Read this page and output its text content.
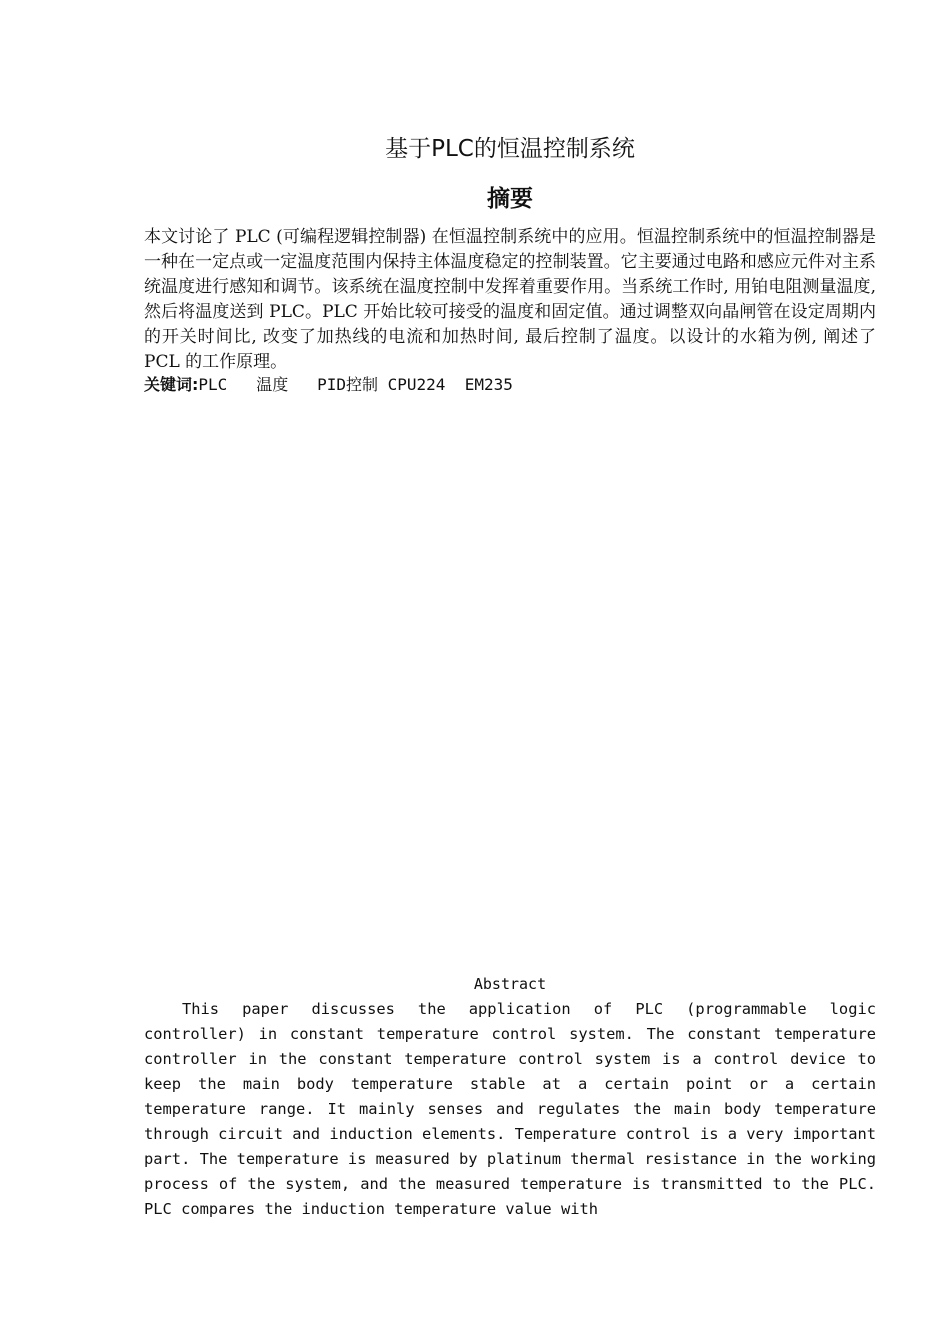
基于PLC的恒温控制系统
摘要

本文讨论了 PLC (可编程逻辑控制器) 在恒温控制系统中的应用。恒温控制系统中的恒温控制器是一种在一定点或一定温度范围内保持主体温度稳定的控制装置。它主要通过电路和感应元件对主系统温度进行感知和调节。该系统在温度控制中发挥着重要作用。当系统工作时, 用铂电阻测量温度, 然后将温度送到 PLC。PLC 开始比较可接受的温度和固定值。通过调整双向晶闸管在设定周期内的开关时间比, 改变了加热线的电流和加热时间, 最后控制了温度。以设计的水箱为例, 阐述了 PCL 的工作原理。

关键词:PLC   温度   PID控制 CPU224  EM235
Abstract

This paper discusses the application of PLC (programmable logic controller) in constant temperature control system. The constant temperature controller in the constant temperature control system is a control device to keep the main body temperature stable at a certain point or a certain temperature range. It mainly senses and regulates the main body temperature through circuit and induction elements. Temperature control is a very important part. The temperature is measured by platinum thermal resistance in the working process of the system, and the measured temperature is transmitted to the PLC. PLC compares the induction temperature value with
